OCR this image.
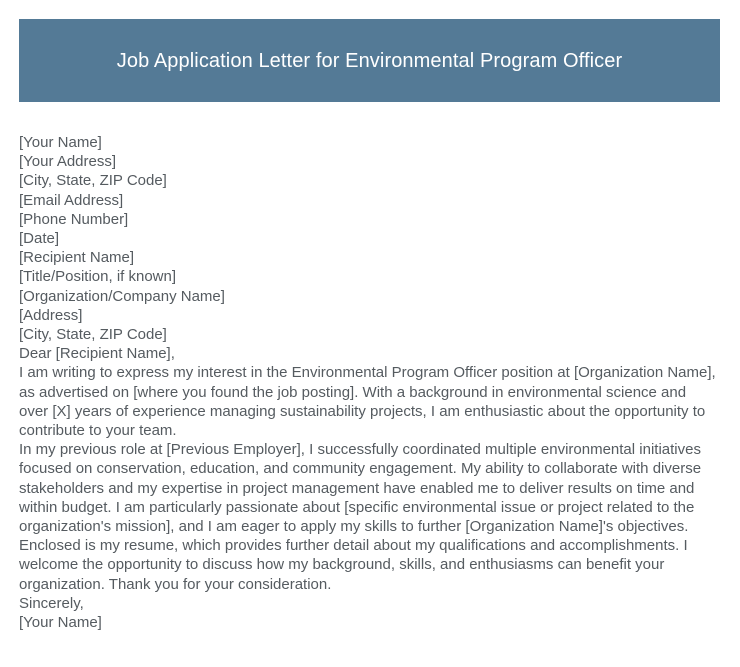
Job Application Letter for Environmental Program Officer
[Your Name]
[Your Address]
[City, State, ZIP Code]
[Email Address]
[Phone Number]
[Date]
[Recipient Name]
[Title/Position, if known]
[Organization/Company Name]
[Address]
[City, State, ZIP Code]
Dear [Recipient Name],

I am writing to express my interest in the Environmental Program Officer position at [Organization Name], as advertised on [where you found the job posting]. With a background in environmental science and over [X] years of experience managing sustainability projects, I am enthusiastic about the opportunity to contribute to your team.

In my previous role at [Previous Employer], I successfully coordinated multiple environmental initiatives focused on conservation, education, and community engagement. My ability to collaborate with diverse stakeholders and my expertise in project management have enabled me to deliver results on time and within budget. I am particularly passionate about [specific environmental issue or project related to the organization's mission], and I am eager to apply my skills to further [Organization Name]'s objectives.

Enclosed is my resume, which provides further detail about my qualifications and accomplishments. I welcome the opportunity to discuss how my background, skills, and enthusiasms can benefit your organization. Thank you for your consideration.

Sincerely,
[Your Name]
